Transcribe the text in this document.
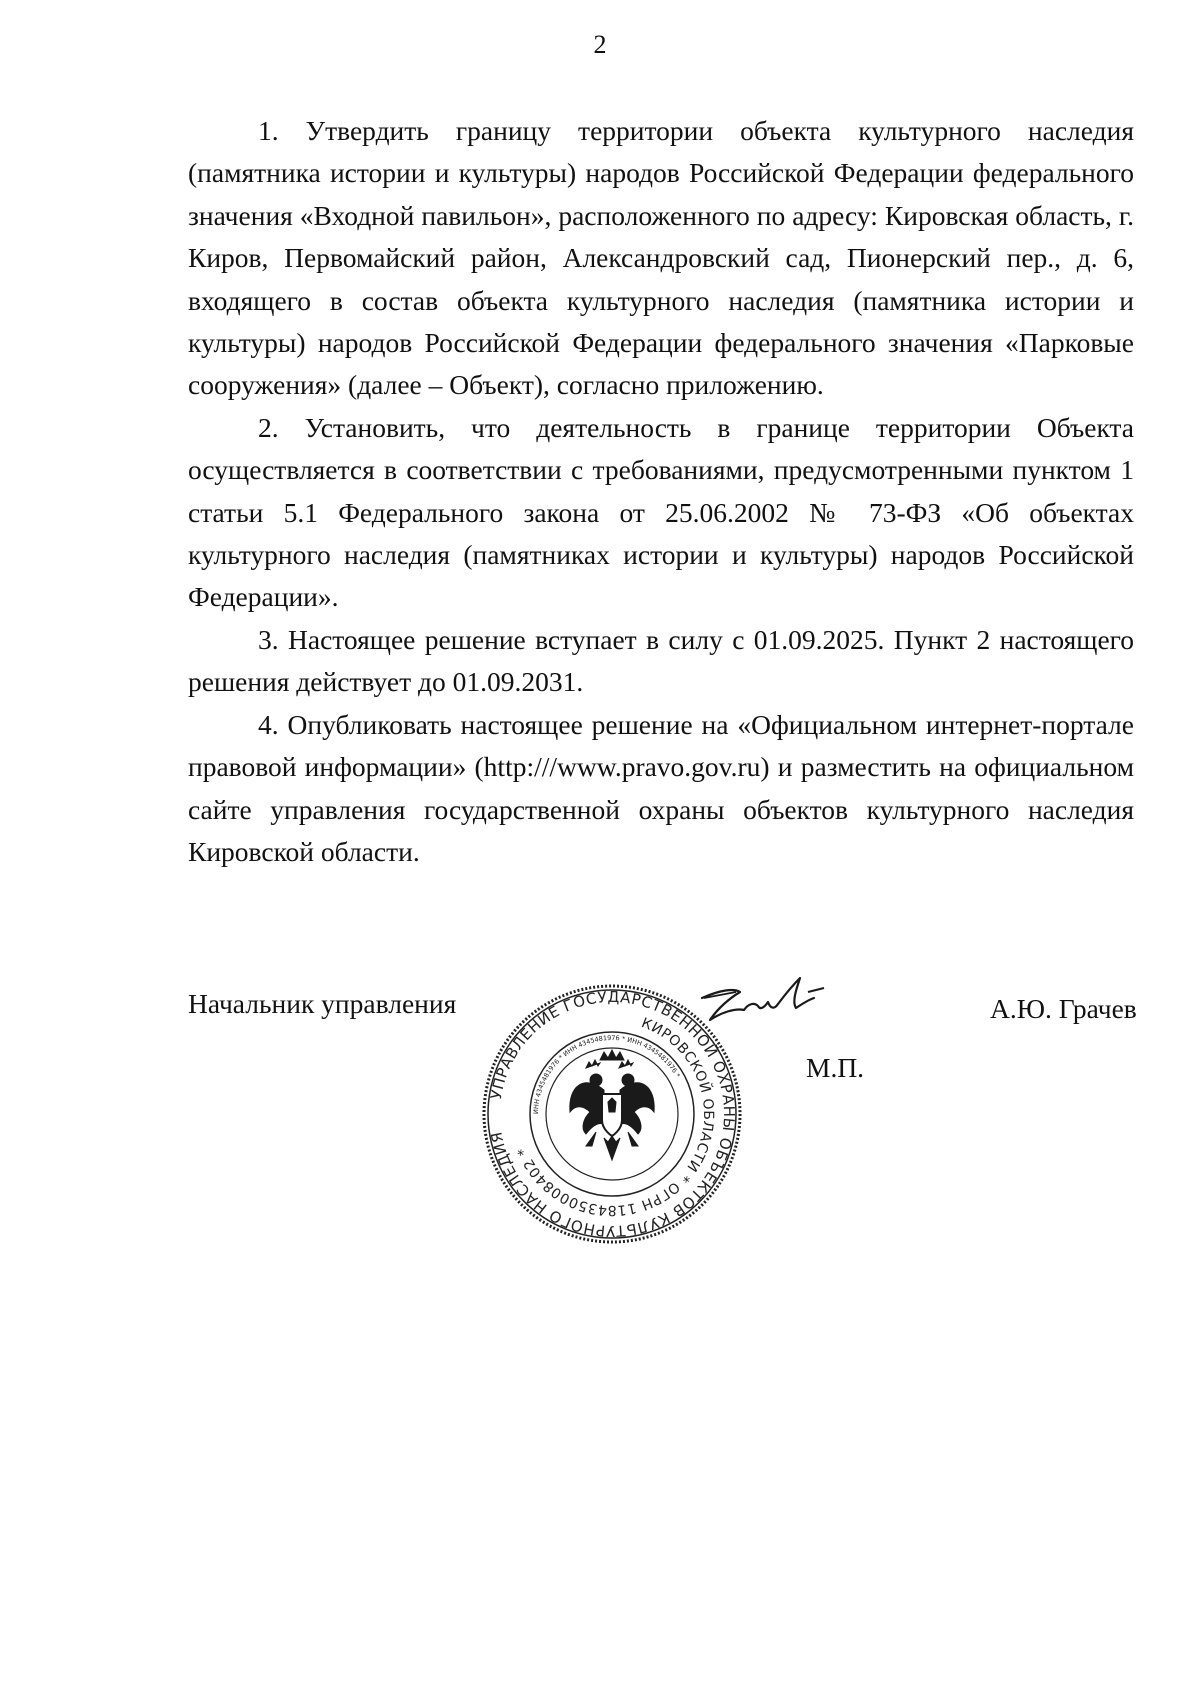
2

1. Утвердить границу территории объекта культурного наследия (памятника истории и культуры) народов Российской Федерации федерального значения «Входной павильон», расположенного по адресу: Кировская область, г. Киров, Первомайский район, Александровский сад, Пионерский пер., д. 6, входящего в состав объекта культурного наследия (памятника истории и культуры) народов Российской Федерации федерального значения «Парковые сооружения» (далее – Объект), согласно приложению.

2. Установить, что деятельность в границе территории Объекта осуществляется в соответствии с требованиями, предусмотренными пунктом 1 статьи 5.1 Федерального закона от 25.06.2002 № 73-ФЗ «Об объектах культурного наследия (памятниках истории и культуры) народов Российской Федерации».

3. Настоящее решение вступает в силу с 01.09.2025. Пункт 2 настоящего решения действует до 01.09.2031.

4. Опубликовать настоящее решение на «Официальном интернет-портале правовой информации» (http:///www.pravo.gov.ru) и разместить на официальном сайте управления государственной охраны объектов культурного наследия Кировской области.

Начальник управления
УПРАВЛЕНИЕ ГОСУДАРСТВЕННОЙ ОХРАНЫ ОБЪЕКТОВ КУЛЬТУРНОГО НАСЛЕДИЯ
КИРОВСКОЙ ОБЛАСТИ * ОГРН 1184350008402 *
ИНН 4345481976 * ИНН 4345481976 * ИНН 4345481976 *	М.П.
А.Ю. Грачев
